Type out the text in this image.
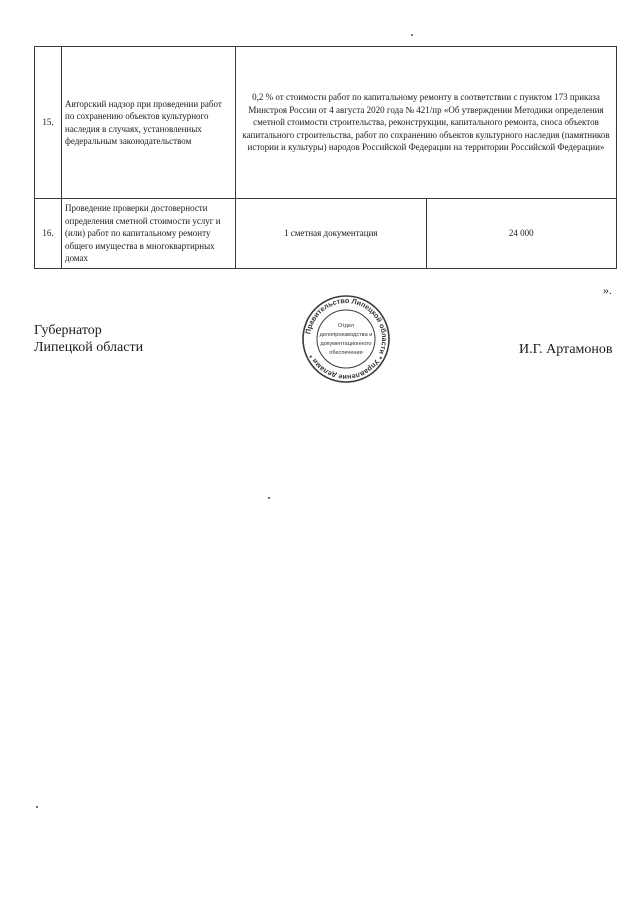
15.	Авторский надзор при проведении работ по сохранению объектов культурного наследия в случаях, установленных федеральным законодательством	0,2 % от стоимости работ по капитальному ремонту в соответствии с пунктом 173 приказа Минстроя России от 4 августа 2020 года № 421/пр «Об утверждении Методики определения сметной стоимости строительства, реконструкции, капитального ремонта, сноса объектов капитального строительства, работ по сохранению объектов культурного наследия (памятников истории и культуры) народов Российской Федерации на территории Российской Федерации»	
16.	Проведение проверки достоверности определения сметной стоимости услуг и (или) работ по капитальному ремонту общего имущества в многоквартирных домах	1 сметная документация	24 000
».
Губернатор
Липецкой области
Правительство Липецкой области * Управление делами *
Отдел
делопроизводства и
документационного
обеспечения	И.Г. Артамонов
